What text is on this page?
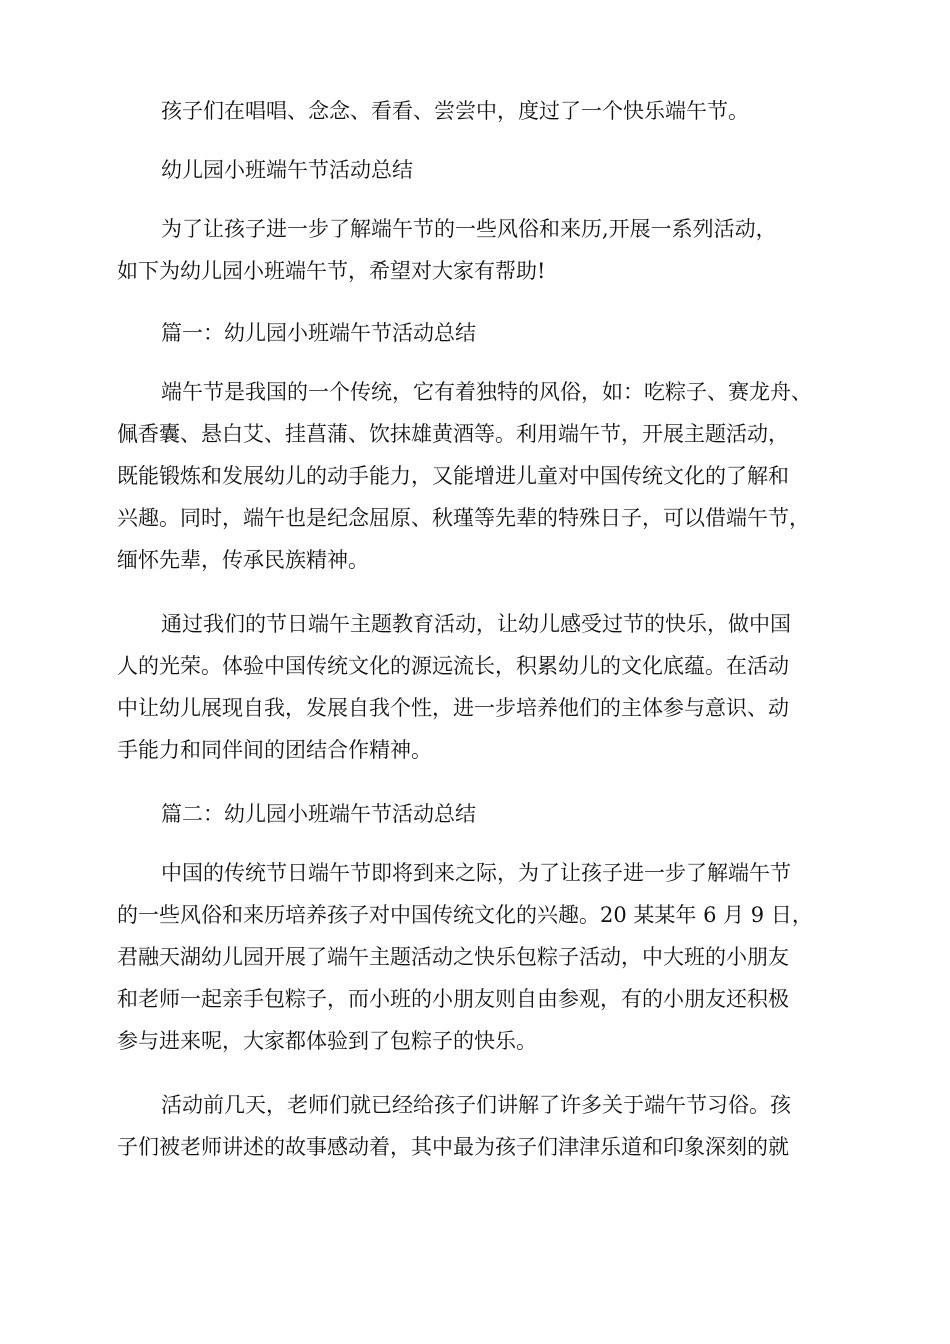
孩子们在唱唱、念念、看看、尝尝中，度过了一个快乐端午节。
幼儿园小班端午节活动总结
为了让孩子进一步了解端午节的一些风俗和来历,开展一系列活动，
如下为幼儿园小班端午节，希望对大家有帮助!
篇一：幼儿园小班端午节活动总结
端午节是我国的一个传统，它有着独特的风俗，如：吃粽子、赛龙舟、
佩香囊、悬白艾、挂菖蒲、饮抹雄黄酒等。利用端午节，开展主题活动，
既能锻炼和发展幼儿的动手能力，又能增进儿童对中国传统文化的了解和
兴趣。同时，端午也是纪念屈原、秋瑾等先辈的特殊日子，可以借端午节，
缅怀先辈，传承民族精神。
通过我们的节日端午主题教育活动，让幼儿感受过节的快乐，做中国
人的光荣。体验中国传统文化的源远流长，积累幼儿的文化底蕴。在活动
中让幼儿展现自我，发展自我个性，进一步培养他们的主体参与意识、动
手能力和同伴间的团结合作精神。
篇二：幼儿园小班端午节活动总结
中国的传统节日端午节即将到来之际，为了让孩子进一步了解端午节
的一些风俗和来历培养孩子对中国传统文化的兴趣。20 某某年 6 月 9 日，
君融天湖幼儿园开展了端午主题活动之快乐包粽子活动，中大班的小朋友
和老师一起亲手包粽子，而小班的小朋友则自由参观，有的小朋友还积极
参与进来呢，大家都体验到了包粽子的快乐。
活动前几天，老师们就已经给孩子们讲解了许多关于端午节习俗。孩
子们被老师讲述的故事感动着，其中最为孩子们津津乐道和印象深刻的就
